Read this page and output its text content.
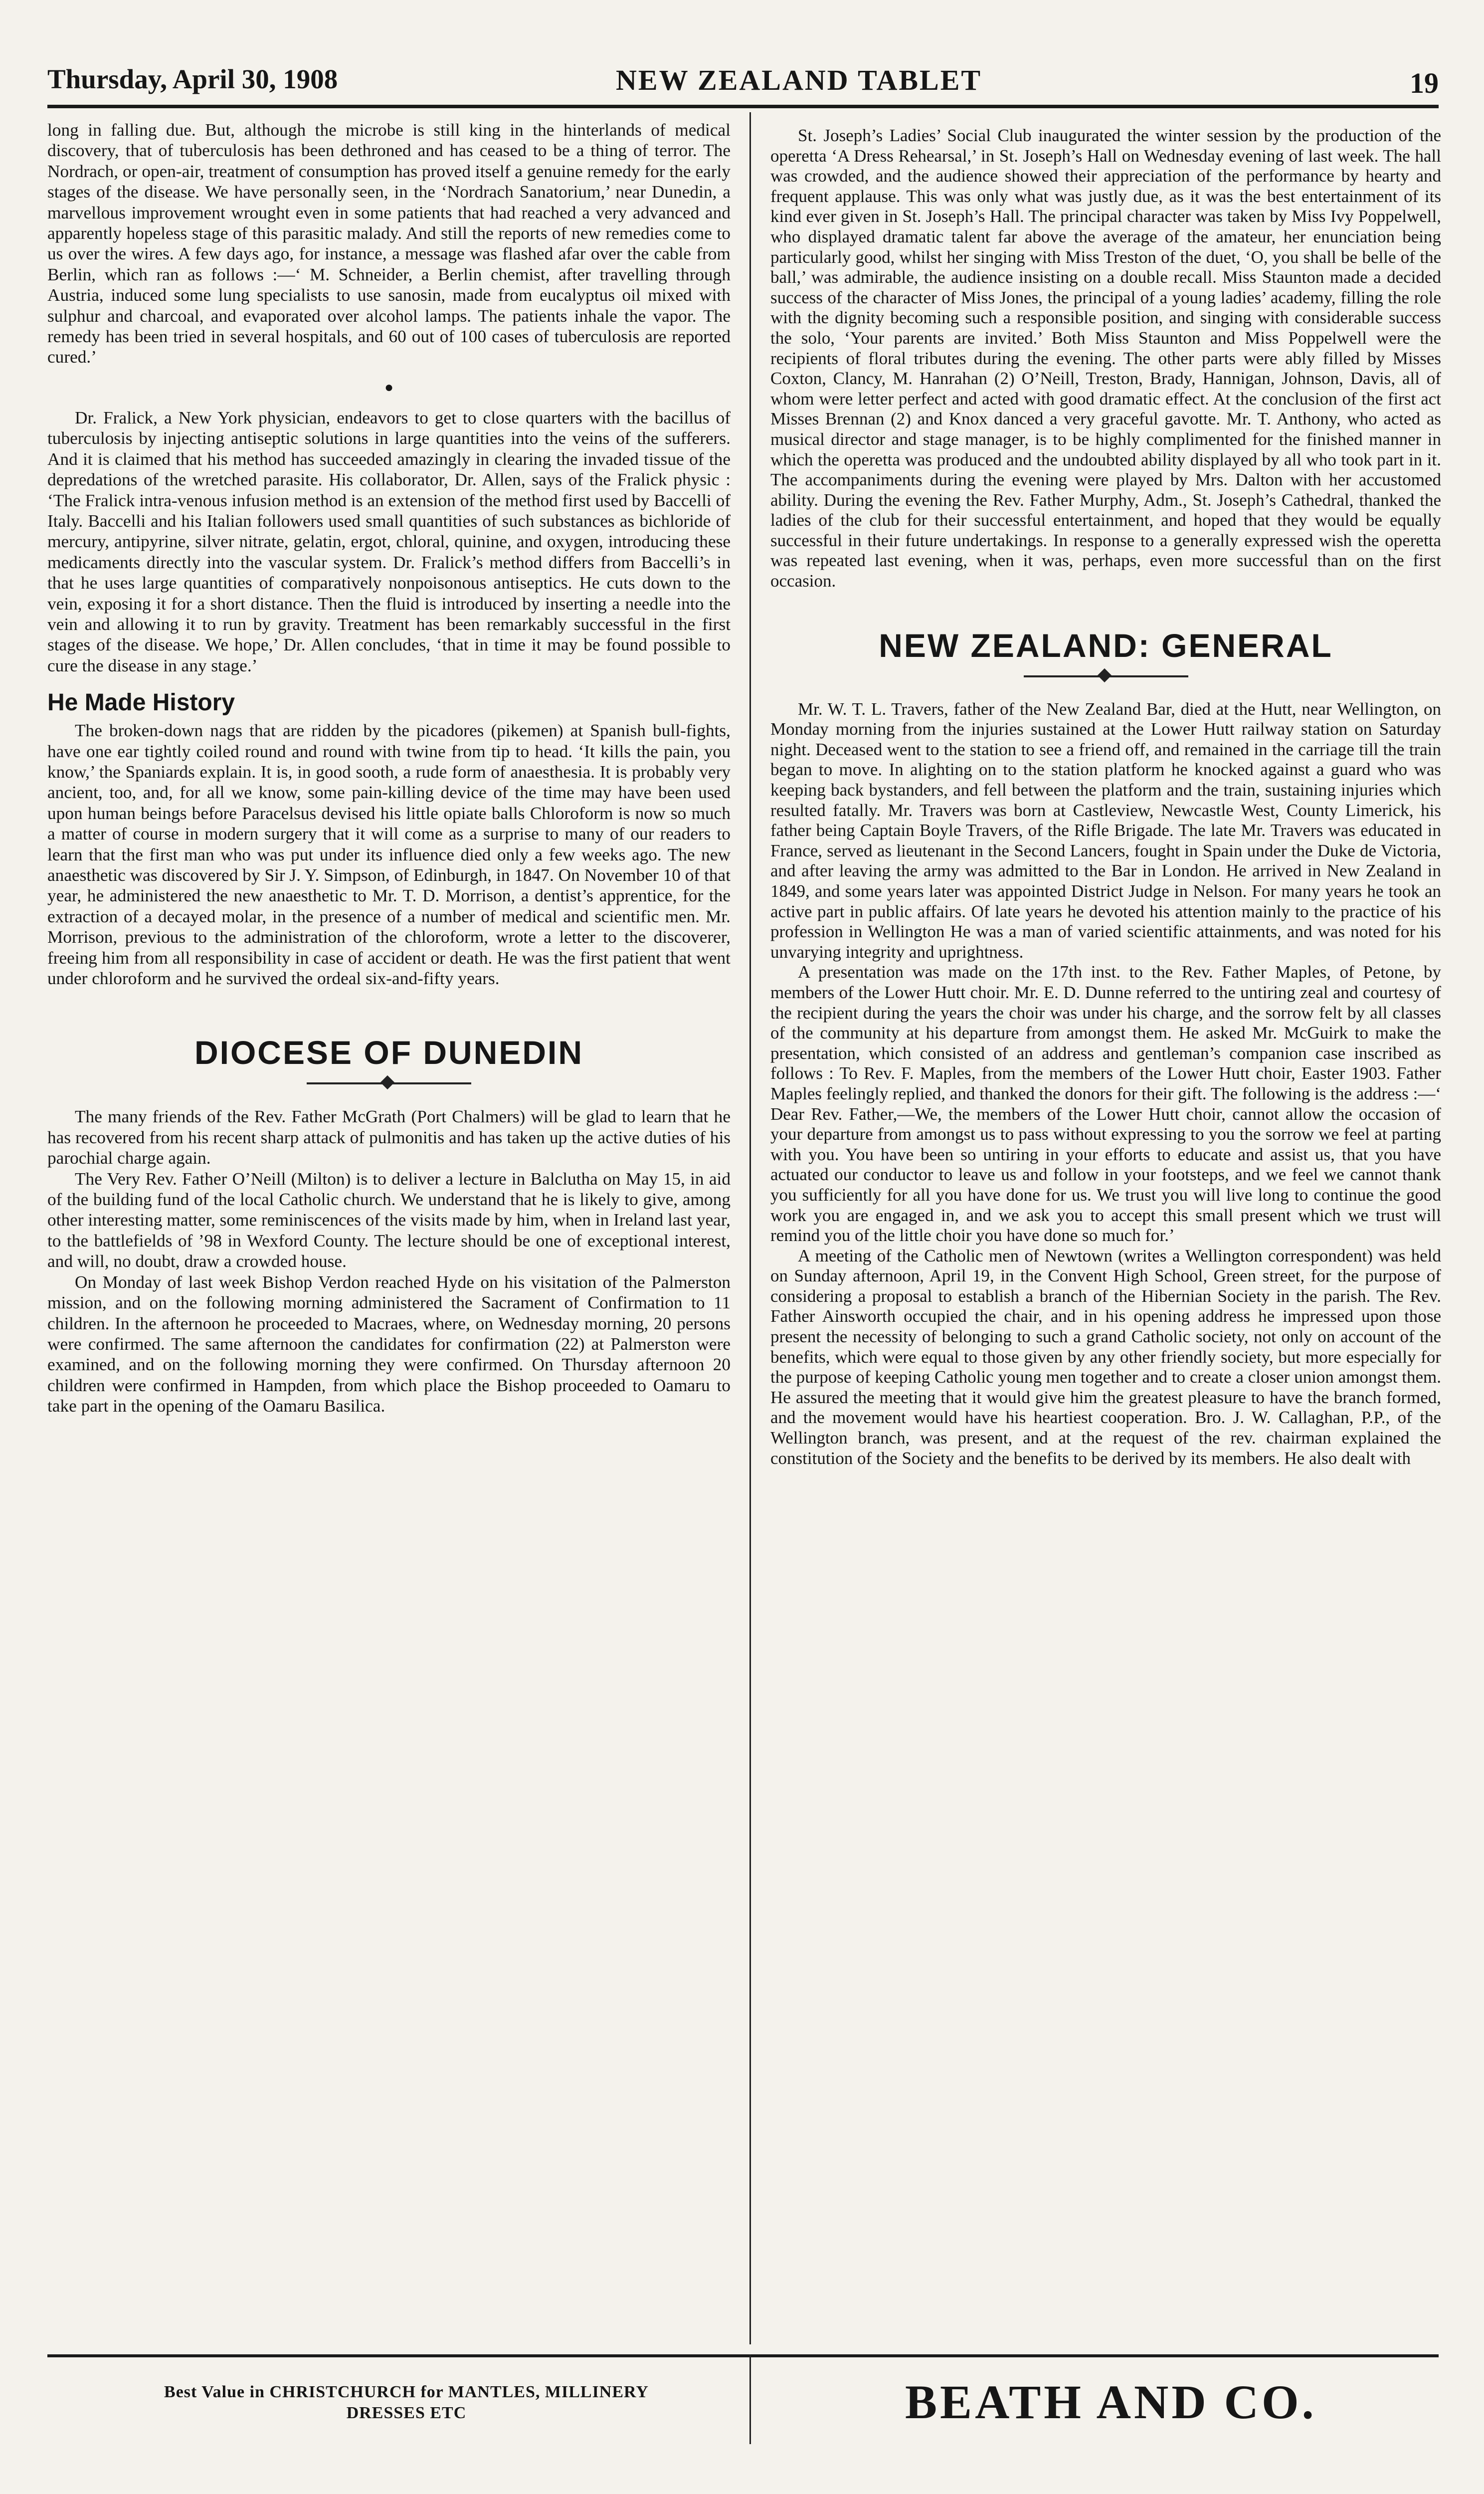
Thursday, April 30, 1908	NEW ZEALAND TABLET	19

long in falling due. But, although the microbe is still king in the hinterlands of medical discovery, that of tuberculosis has been dethroned and has ceased to be a thing of terror. The Nordrach, or open-air, treatment of consumption has proved itself a genuine remedy for the early stages of the disease. We have personally seen, in the ‘Nordrach Sanatorium,’ near Dunedin, a marvellous improvement wrought even in some patients that had reached a very advanced and apparently hopeless stage of this parasitic malady. And still the reports of new remedies come to us over the wires. A few days ago, for instance, a message was flashed afar over the cable from Berlin, which ran as follows :—‘ M. Schneider, a Berlin chemist, after travelling through Austria, induced some lung specialists to use sanosin, made from eucalyptus oil mixed with sulphur and charcoal, and evaporated over alcohol lamps. The patients inhale the vapor. The remedy has been tried in several hospitals, and 60 out of 100 cases of tuberculosis are reported cured.’

●

Dr. Fralick, a New York physician, endeavors to get to close quarters with the bacillus of tuberculosis by injecting antiseptic solutions in large quantities into the veins of the sufferers. And it is claimed that his method has succeeded amazingly in clearing the invaded tissue of the depredations of the wretched parasite. His collaborator, Dr. Allen, says of the Fralick physic : ‘The Fralick intra-venous infusion method is an extension of the method first used by Baccelli of Italy. Baccelli and his Italian followers used small quantities of such substances as bichloride of mercury, antipyrine, silver nitrate, gelatin, ergot, chloral, quinine, and oxygen, introducing these medicaments directly into the vascular system. Dr. Fralick’s method differs from Baccelli’s in that he uses large quantities of comparatively nonpoisonous antiseptics. He cuts down to the vein, exposing it for a short distance. Then the fluid is introduced by inserting a needle into the vein and allowing it to run by gravity. Treatment has been remarkably successful in the first stages of the disease. We hope,’ Dr. Allen concludes, ‘that in time it may be found possible to cure the disease in any stage.’

He Made History

The broken-down nags that are ridden by the picadores (pikemen) at Spanish bull-fights, have one ear tightly coiled round and round with twine from tip to head. ‘It kills the pain, you know,’ the Spaniards explain. It is, in good sooth, a rude form of anaesthesia. It is probably very ancient, too, and, for all we know, some pain-killing device of the time may have been used upon human beings before Paracelsus devised his little opiate balls Chloroform is now so much a matter of course in modern surgery that it will come as a surprise to many of our readers to learn that the first man who was put under its influence died only a few weeks ago. The new anaesthetic was discovered by Sir J. Y. Simpson, of Edinburgh, in 1847. On November 10 of that year, he administered the new anaesthetic to Mr. T. D. Morrison, a dentist’s apprentice, for the extraction of a decayed molar, in the presence of a number of medical and scientific men. Mr. Morrison, previous to the administration of the chloroform, wrote a letter to the discoverer, freeing him from all responsibility in case of accident or death. He was the first patient that went under chloroform and he survived the ordeal six-and-fifty years.

DIOCESE OF DUNEDIN

The many friends of the Rev. Father McGrath (Port Chalmers) will be glad to learn that he has recovered from his recent sharp attack of pulmonitis and has taken up the active duties of his parochial charge again.

The Very Rev. Father O’Neill (Milton) is to deliver a lecture in Balclutha on May 15, in aid of the building fund of the local Catholic church. We understand that he is likely to give, among other interesting matter, some reminiscences of the visits made by him, when in Ireland last year, to the battlefields of ’98 in Wexford County. The lecture should be one of exceptional interest, and will, no doubt, draw a crowded house.

On Monday of last week Bishop Verdon reached Hyde on his visitation of the Palmerston mission, and on the following morning administered the Sacrament of Confirmation to 11 children. In the afternoon he proceeded to Macraes, where, on Wednesday morning, 20 persons were confirmed. The same afternoon the candidates for confirmation (22) at Palmerston were examined, and on the following morning they were confirmed. On Thursday afternoon 20 children were confirmed in Hampden, from which place the Bishop proceeded to Oamaru to take part in the opening of the Oamaru Basilica.

St. Joseph’s Ladies’ Social Club inaugurated the winter session by the production of the operetta ‘A Dress Rehearsal,’ in St. Joseph’s Hall on Wednesday evening of last week. The hall was crowded, and the audience showed their appreciation of the performance by hearty and frequent applause. This was only what was justly due, as it was the best entertainment of its kind ever given in St. Joseph’s Hall. The principal character was taken by Miss Ivy Poppelwell, who displayed dramatic talent far above the average of the amateur, her enunciation being particularly good, whilst her singing with Miss Treston of the duet, ‘O, you shall be belle of the ball,’ was admirable, the audience insisting on a double recall. Miss Staunton made a decided success of the character of Miss Jones, the principal of a young ladies’ academy, filling the role with the dignity becoming such a responsible position, and singing with considerable success the solo, ‘Your parents are invited.’ Both Miss Staunton and Miss Poppelwell were the recipients of floral tributes during the evening. The other parts were ably filled by Misses Coxton, Clancy, M. Hanrahan (2) O’Neill, Treston, Brady, Hannigan, Johnson, Davis, all of whom were letter perfect and acted with good dramatic effect. At the conclusion of the first act Misses Brennan (2) and Knox danced a very graceful gavotte. Mr. T. Anthony, who acted as musical director and stage manager, is to be highly complimented for the finished manner in which the operetta was produced and the undoubted ability displayed by all who took part in it. The accompaniments during the evening were played by Mrs. Dalton with her accustomed ability. During the evening the Rev. Father Murphy, Adm., St. Joseph’s Cathedral, thanked the ladies of the club for their successful entertainment, and hoped that they would be equally successful in their future undertakings. In response to a generally expressed wish the operetta was repeated last evening, when it was, perhaps, even more successful than on the first occasion.

NEW ZEALAND: GENERAL

Mr. W. T. L. Travers, father of the New Zealand Bar, died at the Hutt, near Wellington, on Monday morning from the injuries sustained at the Lower Hutt railway station on Saturday night. Deceased went to the station to see a friend off, and remained in the carriage till the train began to move. In alighting on to the station platform he knocked against a guard who was keeping back bystanders, and fell between the platform and the train, sustaining injuries which resulted fatally. Mr. Travers was born at Castleview, Newcastle West, County Limerick, his father being Captain Boyle Travers, of the Rifle Brigade. The late Mr. Travers was educated in France, served as lieutenant in the Second Lancers, fought in Spain under the Duke de Victoria, and after leaving the army was admitted to the Bar in London. He arrived in New Zealand in 1849, and some years later was appointed District Judge in Nelson. For many years he took an active part in public affairs. Of late years he devoted his attention mainly to the practice of his profession in Wellington He was a man of varied scientific attainments, and was noted for his unvarying integrity and uprightness.

A presentation was made on the 17th inst. to the Rev. Father Maples, of Petone, by members of the Lower Hutt choir. Mr. E. D. Dunne referred to the untiring zeal and courtesy of the recipient during the years the choir was under his charge, and the sorrow felt by all classes of the community at his departure from amongst them. He asked Mr. McGuirk to make the presentation, which consisted of an address and gentleman’s companion case inscribed as follows : To Rev. F. Maples, from the members of the Lower Hutt choir, Easter 1903. Father Maples feelingly replied, and thanked the donors for their gift. The following is the address :—‘ Dear Rev. Father,—We, the members of the Lower Hutt choir, cannot allow the occasion of your departure from amongst us to pass without expressing to you the sorrow we feel at parting with you. You have been so untiring in your efforts to educate and assist us, that you have actuated our conductor to leave us and follow in your footsteps, and we feel we cannot thank you sufficiently for all you have done for us. We trust you will live long to continue the good work you are engaged in, and we ask you to accept this small present which we trust will remind you of the little choir you have done so much for.’

A meeting of the Catholic men of Newtown (writes a Wellington correspondent) was held on Sunday afternoon, April 19, in the Convent High School, Green street, for the purpose of considering a proposal to establish a branch of the Hibernian Society in the parish. The Rev. Father Ainsworth occupied the chair, and in his opening address he impressed upon those present the necessity of belonging to such a grand Catholic society, not only on account of the benefits, which were equal to those given by any other friendly society, but more especially for the purpose of keeping Catholic young men together and to create a closer union amongst them. He assured the meeting that it would give him the greatest pleasure to have the branch formed, and the movement would have his heartiest cooperation. Bro. J. W. Callaghan, P.P., of the Wellington branch, was present, and at the request of the rev. chairman explained the constitution of the Society and the benefits to be derived by its members. He also dealt with

Best Value in CHRISTCHURCH for MANTLES, MILLINERY
DRESSES ETC	BEATH AND CO.
